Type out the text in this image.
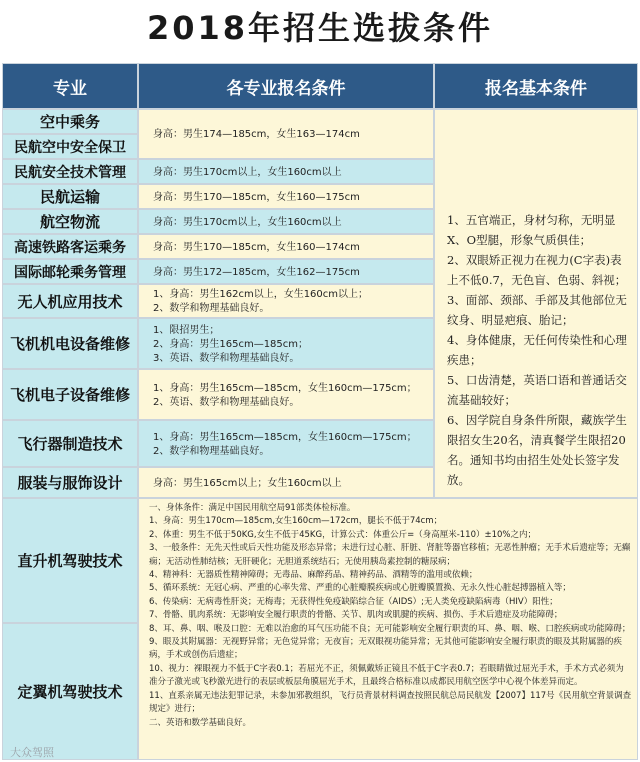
2018年招生选拔条件
专业	各专业报名条件	报名基本条件
空中乘务
民航空中安全保卫
民航安全技术管理
民航运输
航空物流
高速铁路客运乘务
国际邮轮乘务管理
无人机应用技术
飞机机电设备维修
飞机电子设备维修
飞行器制造技术
服装与服饰设计
身高：男生174—185cm，女生163—174cm
身高：男生170cm以上，女生160cm以上
身高：男生170—185cm，女生160—175cm
身高：男生170cm以上，女生160cm以上
身高：男生170—185cm，女生160—174cm
身高：男生172—185cm，女生162—175cm
1、身高：男生162cm以上，女生160cm以上；
2、数学和物理基础良好。
1、限招男生；
2、身高：男生165cm—185cm；
3、英语、数学和物理基础良好。
1、身高：男生165cm—185cm，女生160cm—175cm；
2、英语、数学和物理基础良好。
1、身高：男生165cm—185cm，女生160cm—175cm；
2、数学和物理基础良好。
身高：男生165cm以上；女生160cm以上

1、五官端正，身材匀称，无明显X、O型腿，形象气质俱佳；

2、双眼矫正视力在视力(C字表)表上不低0.7，无色盲、色弱、斜视；

3、面部、颈部、手部及其他部位无纹身、明显疤痕、胎记；

4、身体健康，无任何传染性和心理疾患；

5、口齿清楚，英语口语和普通话交流基础较好；

6、因学院自身条件所限，藏族学生限招女生20名，清真餐学生限招20名。通知书均由招生处处长签字发放。

直升机驾驶技术
定翼机驾驶技术

一、身体条件：满足中国民用航空局91部类体检标准。

1、身高：男生170cm—185cm,女生160cm—172cm，腿长不低于74cm；

2、体重：男生不低于50KG,女生不低于45KG，计算公式：体重公斤=（身高厘米-110）±10%之内；

3、一般条件：无先天性或后天性功能及形态异常；未进行过心脏、肝脏、肾脏等器官移植；无恶性肿瘤；无手术后遗症等；无癫痫；无活动性肺结核；无肝硬化；无胆道系统结石；无使用胰岛素控制的糖尿病；

4、精神科：无器质性精神障碍；无毒品、麻醉药品、精神药品、酒精等的滥用或依赖；

5、循环系统：无冠心病、严重的心率失常、严重的心脏瓣膜疾病或心脏瓣膜置换、无永久性心脏起搏器植入等；

6、传染病：无病毒性肝炎；无梅毒；无获得性免疫缺陷综合征（AIDS）;无人类免疫缺陷病毒（HIV）阳性；

7、骨骼、肌肉系统：无影响安全履行职责的骨骼、关节、肌肉或肌腱的疾病、损伤、手术后遗症及功能障碍；

8、耳、鼻、咽、喉及口腔：无难以治愈的耳气压功能不良；无可能影响安全履行职责的耳、鼻、咽、喉、口腔疾病或功能障碍；

9、眼及其附属器：无视野异常；无色觉异常；无夜盲；无双眼视功能异常；无其他可能影响安全履行职责的眼及其附属器的疾病，手术或创伤后遗症；

10、视力：裸眼视力不低于C字表0.1；若屈光不正，须佩戴矫正镜且不低于C字表0.7；若眼睛做过屈光手术，手术方式必须为准分子激光或飞秒激光进行的表层或板层角膜屈光手术，且最终合格标准以成都民用航空医学中心视个体差异而定。

11、直系亲属无违法犯罪记录，未参加邪教组织，飞行员背景材料调查按照民航总局民航发【2007】117号《民用航空背景调查规定》进行；

二、英语和数学基础良好。

大众驾照
